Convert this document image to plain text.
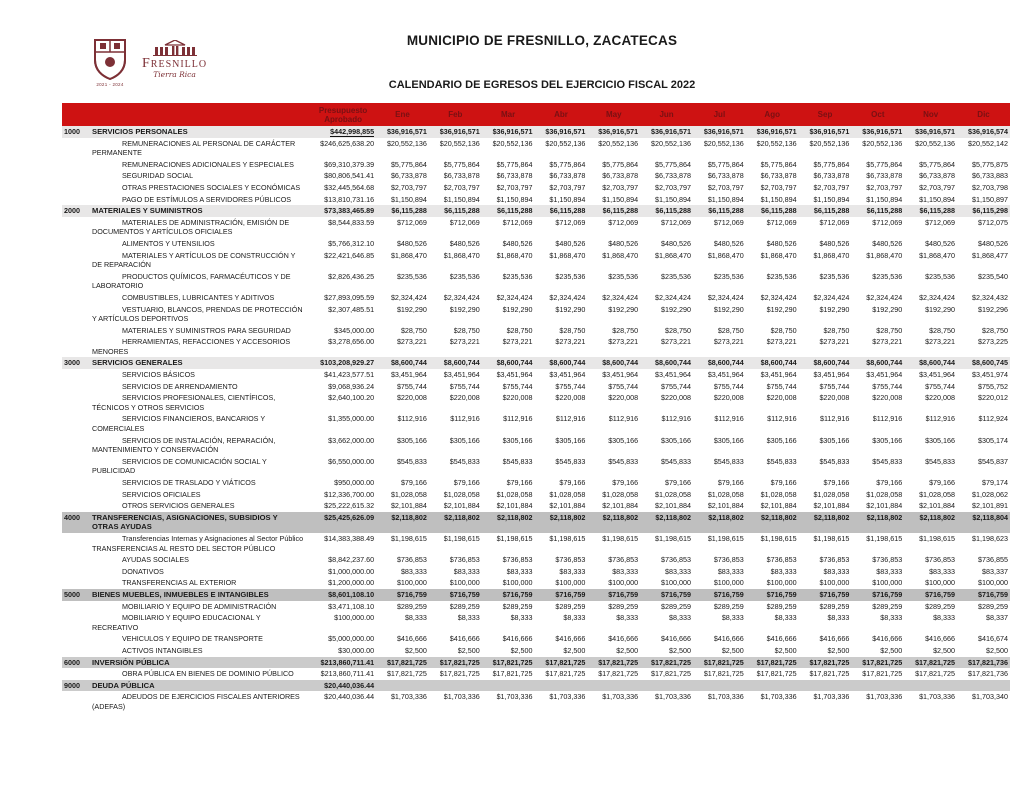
2021 - 2024
Fresnillo
Tierra Rica
MUNICIPIO DE FRESNILLO, ZACATECAS
CALENDARIO DE EGRESOS DEL EJERCICIO FISCAL 2022
		Presupuesto Aprobado	Ene	Feb	Mar	Abr	May	Jun	Jul	Ago	Sep	Oct	Nov	Dic
1000	SERVICIOS PERSONALES	$442,998,855	$36,916,571	$36,916,571	$36,916,571	$36,916,571	$36,916,571	$36,916,571	$36,916,571	$36,916,571	$36,916,571	$36,916,571	$36,916,571	$36,916,574
	REMUNERACIONES AL PERSONAL DE CARÁCTER PERMANENTE	$246,625,638.20	$20,552,136	$20,552,136	$20,552,136	$20,552,136	$20,552,136	$20,552,136	$20,552,136	$20,552,136	$20,552,136	$20,552,136	$20,552,136	$20,552,142
	REMUNERACIONES ADICIONALES Y ESPECIALES	$69,310,379.39	$5,775,864	$5,775,864	$5,775,864	$5,775,864	$5,775,864	$5,775,864	$5,775,864	$5,775,864	$5,775,864	$5,775,864	$5,775,864	$5,775,875
	SEGURIDAD SOCIAL	$80,806,541.41	$6,733,878	$6,733,878	$6,733,878	$6,733,878	$6,733,878	$6,733,878	$6,733,878	$6,733,878	$6,733,878	$6,733,878	$6,733,878	$6,733,883
	OTRAS PRESTACIONES SOCIALES Y ECONÓMICAS	$32,445,564.68	$2,703,797	$2,703,797	$2,703,797	$2,703,797	$2,703,797	$2,703,797	$2,703,797	$2,703,797	$2,703,797	$2,703,797	$2,703,797	$2,703,798
	PAGO DE ESTÍMULOS A SERVIDORES PÚBLICOS	$13,810,731.16	$1,150,894	$1,150,894	$1,150,894	$1,150,894	$1,150,894	$1,150,894	$1,150,894	$1,150,894	$1,150,894	$1,150,894	$1,150,894	$1,150,897
2000	MATERIALES Y SUMINISTROS	$73,383,465.89	$6,115,288	$6,115,288	$6,115,288	$6,115,288	$6,115,288	$6,115,288	$6,115,288	$6,115,288	$6,115,288	$6,115,288	$6,115,288	$6,115,298
	MATERIALES DE ADMINISTRACIÓN, EMISIÓN DE DOCUMENTOS Y ARTÍCULOS OFICIALES	$8,544,833.59	$712,069	$712,069	$712,069	$712,069	$712,069	$712,069	$712,069	$712,069	$712,069	$712,069	$712,069	$712,075
	ALIMENTOS Y UTENSILIOS	$5,766,312.10	$480,526	$480,526	$480,526	$480,526	$480,526	$480,526	$480,526	$480,526	$480,526	$480,526	$480,526	$480,526
	MATERIALES Y ARTÍCULOS DE CONSTRUCCIÓN Y DE REPARACIÓN	$22,421,646.85	$1,868,470	$1,868,470	$1,868,470	$1,868,470	$1,868,470	$1,868,470	$1,868,470	$1,868,470	$1,868,470	$1,868,470	$1,868,470	$1,868,477
	PRODUCTOS QUÍMICOS, FARMACÉUTICOS Y DE LABORATORIO	$2,826,436.25	$235,536	$235,536	$235,536	$235,536	$235,536	$235,536	$235,536	$235,536	$235,536	$235,536	$235,536	$235,540
	COMBUSTIBLES, LUBRICANTES Y ADITIVOS	$27,893,095.59	$2,324,424	$2,324,424	$2,324,424	$2,324,424	$2,324,424	$2,324,424	$2,324,424	$2,324,424	$2,324,424	$2,324,424	$2,324,424	$2,324,432
	VESTUARIO, BLANCOS, PRENDAS DE PROTECCIÓN Y ARTÍCULOS DEPORTIVOS	$2,307,485.51	$192,290	$192,290	$192,290	$192,290	$192,290	$192,290	$192,290	$192,290	$192,290	$192,290	$192,290	$192,296
	MATERIALES Y SUMINISTROS PARA SEGURIDAD	$345,000.00	$28,750	$28,750	$28,750	$28,750	$28,750	$28,750	$28,750	$28,750	$28,750	$28,750	$28,750	$28,750
	HERRAMIENTAS, REFACCIONES Y ACCESORIOS MENORES	$3,278,656.00	$273,221	$273,221	$273,221	$273,221	$273,221	$273,221	$273,221	$273,221	$273,221	$273,221	$273,221	$273,225
3000	SERVICIOS GENERALES	$103,208,929.27	$8,600,744	$8,600,744	$8,600,744	$8,600,744	$8,600,744	$8,600,744	$8,600,744	$8,600,744	$8,600,744	$8,600,744	$8,600,744	$8,600,745
	SERVICIOS BÁSICOS	$41,423,577.51	$3,451,964	$3,451,964	$3,451,964	$3,451,964	$3,451,964	$3,451,964	$3,451,964	$3,451,964	$3,451,964	$3,451,964	$3,451,964	$3,451,974
	SERVICIOS DE ARRENDAMIENTO	$9,068,936.24	$755,744	$755,744	$755,744	$755,744	$755,744	$755,744	$755,744	$755,744	$755,744	$755,744	$755,744	$755,752
	SERVICIOS PROFESIONALES, CIENTÍFICOS, TÉCNICOS Y OTROS SERVICIOS	$2,640,100.20	$220,008	$220,008	$220,008	$220,008	$220,008	$220,008	$220,008	$220,008	$220,008	$220,008	$220,008	$220,012
	SERVICIOS FINANCIEROS, BANCARIOS Y COMERCIALES	$1,355,000.00	$112,916	$112,916	$112,916	$112,916	$112,916	$112,916	$112,916	$112,916	$112,916	$112,916	$112,916	$112,924
	SERVICIOS DE INSTALACIÓN, REPARACIÓN, MANTENIMIENTO Y CONSERVACIÓN	$3,662,000.00	$305,166	$305,166	$305,166	$305,166	$305,166	$305,166	$305,166	$305,166	$305,166	$305,166	$305,166	$305,174
	SERVICIOS DE COMUNICACIÓN SOCIAL Y PUBLICIDAD	$6,550,000.00	$545,833	$545,833	$545,833	$545,833	$545,833	$545,833	$545,833	$545,833	$545,833	$545,833	$545,833	$545,837
	SERVICIOS DE TRASLADO Y VIÁTICOS	$950,000.00	$79,166	$79,166	$79,166	$79,166	$79,166	$79,166	$79,166	$79,166	$79,166	$79,166	$79,166	$79,174
	SERVICIOS OFICIALES	$12,336,700.00	$1,028,058	$1,028,058	$1,028,058	$1,028,058	$1,028,058	$1,028,058	$1,028,058	$1,028,058	$1,028,058	$1,028,058	$1,028,058	$1,028,062
	OTROS SERVICIOS GENERALES	$25,222,615.32	$2,101,884	$2,101,884	$2,101,884	$2,101,884	$2,101,884	$2,101,884	$2,101,884	$2,101,884	$2,101,884	$2,101,884	$2,101,884	$2,101,891
4000	TRANSFERENCIAS, ASIGNACIONES, SUBSIDIOS Y OTRAS AYUDAS	$25,425,626.09	$2,118,802	$2,118,802	$2,118,802	$2,118,802	$2,118,802	$2,118,802	$2,118,802	$2,118,802	$2,118,802	$2,118,802	$2,118,802	$2,118,804
	Transferencias Internas y Asignaciones al Sector Público
TRANSFERENCIAS AL RESTO DEL SECTOR PÚBLICO	$14,383,388.49	$1,198,615	$1,198,615	$1,198,615	$1,198,615	$1,198,615	$1,198,615	$1,198,615	$1,198,615	$1,198,615	$1,198,615	$1,198,615	$1,198,623
	AYUDAS SOCIALES	$8,842,237.60	$736,853	$736,853	$736,853	$736,853	$736,853	$736,853	$736,853	$736,853	$736,853	$736,853	$736,853	$736,855
	DONATIVOS	$1,000,000.00	$83,333	$83,333	$83,333	$83,333	$83,333	$83,333	$83,333	$83,333	$83,333	$83,333	$83,333	$83,337
	TRANSFERENCIAS AL EXTERIOR	$1,200,000.00	$100,000	$100,000	$100,000	$100,000	$100,000	$100,000	$100,000	$100,000	$100,000	$100,000	$100,000	$100,000
5000	BIENES MUEBLES, INMUEBLES E INTANGIBLES	$8,601,108.10	$716,759	$716,759	$716,759	$716,759	$716,759	$716,759	$716,759	$716,759	$716,759	$716,759	$716,759	$716,759
	MOBILIARIO Y EQUIPO DE ADMINISTRACIÓN	$3,471,108.10	$289,259	$289,259	$289,259	$289,259	$289,259	$289,259	$289,259	$289,259	$289,259	$289,259	$289,259	$289,259
	MOBILIARIO Y EQUIPO EDUCACIONAL Y RECREATIVO	$100,000.00	$8,333	$8,333	$8,333	$8,333	$8,333	$8,333	$8,333	$8,333	$8,333	$8,333	$8,333	$8,337
	VEHICULOS Y EQUIPO DE TRANSPORTE	$5,000,000.00	$416,666	$416,666	$416,666	$416,666	$416,666	$416,666	$416,666	$416,666	$416,666	$416,666	$416,666	$416,674
	ACTIVOS INTANGIBLES	$30,000.00	$2,500	$2,500	$2,500	$2,500	$2,500	$2,500	$2,500	$2,500	$2,500	$2,500	$2,500	$2,500
6000	INVERSIÓN PÚBLICA	$213,860,711.41	$17,821,725	$17,821,725	$17,821,725	$17,821,725	$17,821,725	$17,821,725	$17,821,725	$17,821,725	$17,821,725	$17,821,725	$17,821,725	$17,821,736
	OBRA PÚBLICA EN BIENES DE DOMINIO PÚBLICO	$213,860,711.41	$17,821,725	$17,821,725	$17,821,725	$17,821,725	$17,821,725	$17,821,725	$17,821,725	$17,821,725	$17,821,725	$17,821,725	$17,821,725	$17,821,736
9000	DEUDA PÚBLICA	$20,440,036.44												
	ADEUDOS DE EJERCICIOS FISCALES ANTERIORES (ADEFAS)	$20,440,036.44	$1,703,336	$1,703,336	$1,703,336	$1,703,336	$1,703,336	$1,703,336	$1,703,336	$1,703,336	$1,703,336	$1,703,336	$1,703,336	$1,703,340
